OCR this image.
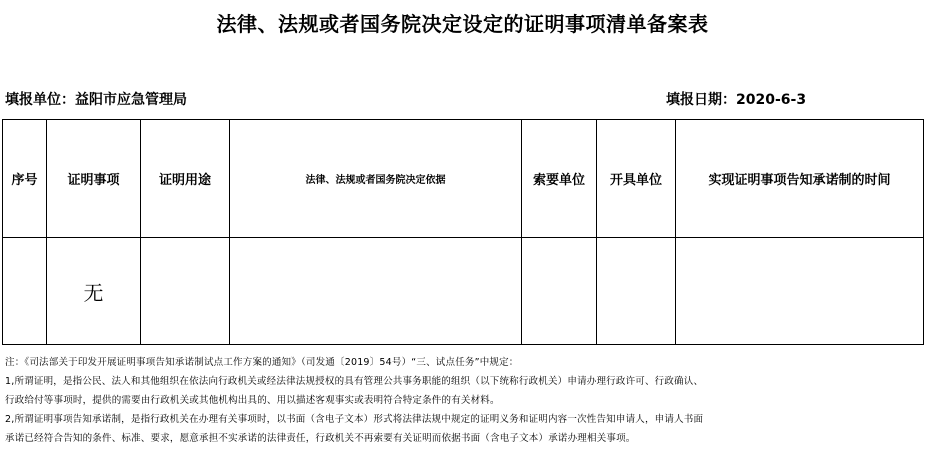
法律、法规或者国务院决定设定的证明事项清单备案表
填报单位：益阳市应急管理局	填报日期：2020-6-3
序号	证明事项	证明用途	法律、法规或者国务院决定依据	索要单位	开具单位	实现证明事项告知承诺制的时间
	无					
注：《司法部关于印发开展证明事项告知承诺制试点工作方案的通知》（司发通〔2019〕54号）“三、试点任务”中规定：
1,所谓证明，是指公民、法人和其他组织在依法向行政机关或经法律法规授权的具有管理公共事务职能的组织（以下统称行政机关）申请办理行政许可、行政确认、
行政给付等事项时，提供的需要由行政机关或其他机构出具的、用以描述客观事实或表明符合特定条件的有关材料。
2,所谓证明事项告知承诺制，是指行政机关在办理有关事项时，以书面（含电子文本）形式将法律法规中规定的证明义务和证明内容一次性告知申请人，申请人书面
承诺已经符合告知的条件、标准、要求，愿意承担不实承诺的法律责任，行政机关不再索要有关证明而依据书面（含电子文本）承诺办理相关事项。
